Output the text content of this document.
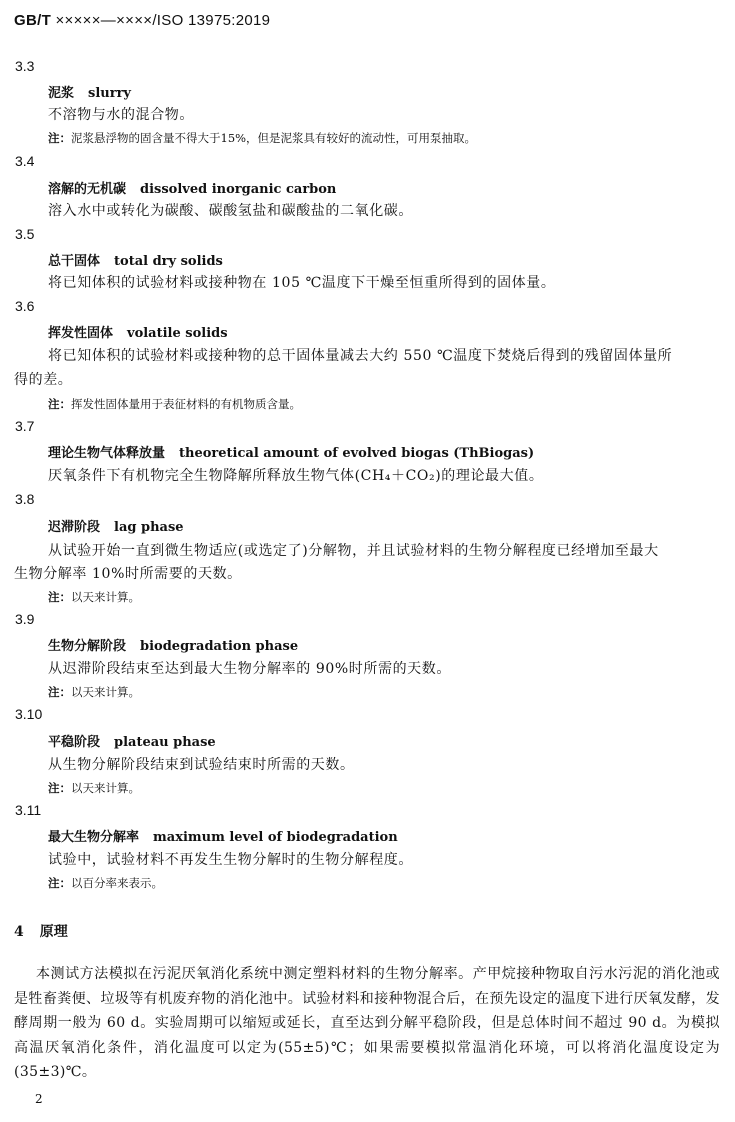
GB/T ×××××—××××/ISO 13975:2019
3.3
泥浆 slurry
不溶物与水的混合物。
注：泥浆悬浮物的固含量不得大于15%，但是泥浆具有较好的流动性，可用泵抽取。
3.4
溶解的无机碳 dissolved inorganic carbon
溶入水中或转化为碳酸、碳酸氢盐和碳酸盐的二氧化碳。
3.5
总干固体 total dry solids
将已知体积的试验材料或接种物在 105 ℃温度下干燥至恒重所得到的固体量。
3.6
挥发性固体 volatile solids
将已知体积的试验材料或接种物的总干固体量减去大约 550 ℃温度下焚烧后得到的残留固体量所
得的差。
注：挥发性固体量用于表征材料的有机物质含量。
3.7
理论生物气体释放量 theoretical amount of evolved biogas (ThBiogas)
厌氧条件下有机物完全生物降解所释放生物气体(CH₄＋CO₂)的理论最大值。
3.8
迟滞阶段 lag phase
从试验开始一直到微生物适应(或选定了)分解物，并且试验材料的生物分解程度已经增加至最大
生物分解率 10%时所需要的天数。
注：以天来计算。
3.9
生物分解阶段 biodegradation phase
从迟滞阶段结束至达到最大生物分解率的 90%时所需的天数。
注：以天来计算。
3.10
平稳阶段 plateau phase
从生物分解阶段结束到试验结束时所需的天数。
注：以天来计算。
3.11
最大生物分解率 maximum level of biodegradation
试验中，试验材料不再发生生物分解时的生物分解程度。
注：以百分率来表示。
4 原理
本测试方法模拟在污泥厌氧消化系统中测定塑料材料的生物分解率。产甲烷接种物取自污水污泥的消化池或是牲畜粪便、垃圾等有机废弃物的消化池中。试验材料和接种物混合后，在预先设定的温度下进行厌氧发酵，发酵周期一般为 60 d。实验周期可以缩短或延长，直至达到分解平稳阶段，但是总体时间不超过 90 d。为模拟高温厌氧消化条件，消化温度可以定为(55±5)℃；如果需要模拟常温消化环境，可以将消化温度设定为(35±3)℃。
2
